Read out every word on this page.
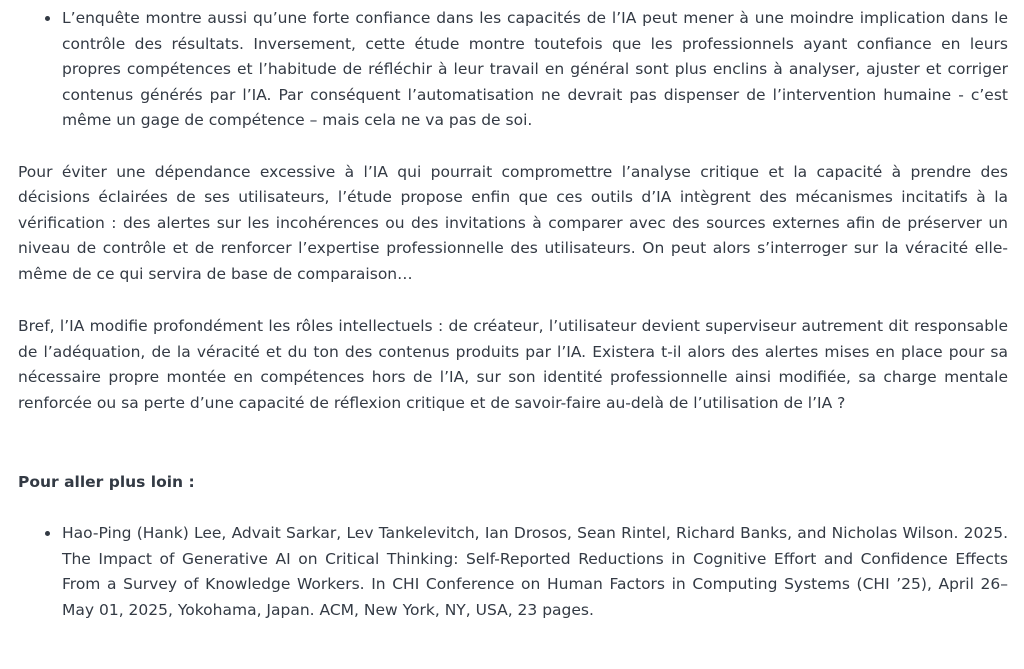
L’enquête montre aussi qu’une forte confiance dans les capacités de l’IA peut mener à une moindre implication dans le contrôle des résultats. Inversement, cette étude montre toutefois que les professionnels ayant confiance en leurs propres compétences et l’habitude de réfléchir à leur travail en général sont plus enclins à analyser, ajuster et corriger contenus générés par l’IA. Par conséquent l’automatisation ne devrait pas dispenser de l’intervention humaine - c’est même un gage de compétence – mais cela ne va pas de soi.

Pour éviter une dépendance excessive à l’IA qui pourrait compromettre l’analyse critique et la capacité à prendre des décisions éclairées de ses utilisateurs, l’étude propose enfin que ces outils d’IA intègrent des mécanismes incitatifs à la vérification : des alertes sur les incohérences ou des invitations à comparer avec des sources externes afin de préserver un niveau de contrôle et de renforcer l’expertise professionnelle des utilisateurs. On peut alors s’interroger sur la véracité elle-même de ce qui servira de base de comparaison…

Bref, l’IA modifie profondément les rôles intellectuels : de créateur, l’utilisateur devient superviseur autrement dit responsable de l’adéquation, de la véracité et du ton des contenus produits par l’IA. Existera t-il alors des alertes mises en place pour sa nécessaire propre montée en compétences hors de l’IA, sur son identité professionnelle ainsi modifiée, sa charge mentale renforcée ou sa perte d’une capacité de réflexion critique et de savoir-faire au-delà de l’utilisation de l’IA ?

Pour aller plus loin :

Hao-Ping (Hank) Lee, Advait Sarkar, Lev Tankelevitch, Ian Drosos, Sean Rintel, Richard Banks, and Nicholas Wilson. 2025. The Impact of Generative AI on Critical Thinking: Self-Reported Reductions in Cognitive Effort and Confidence Effects From a Survey of Knowledge Workers. In CHI Conference on Human Factors in Computing Systems (CHI ’25), April 26–May 01, 2025, Yokohama, Japan. ACM, New York, NY, USA, 23 pages.
